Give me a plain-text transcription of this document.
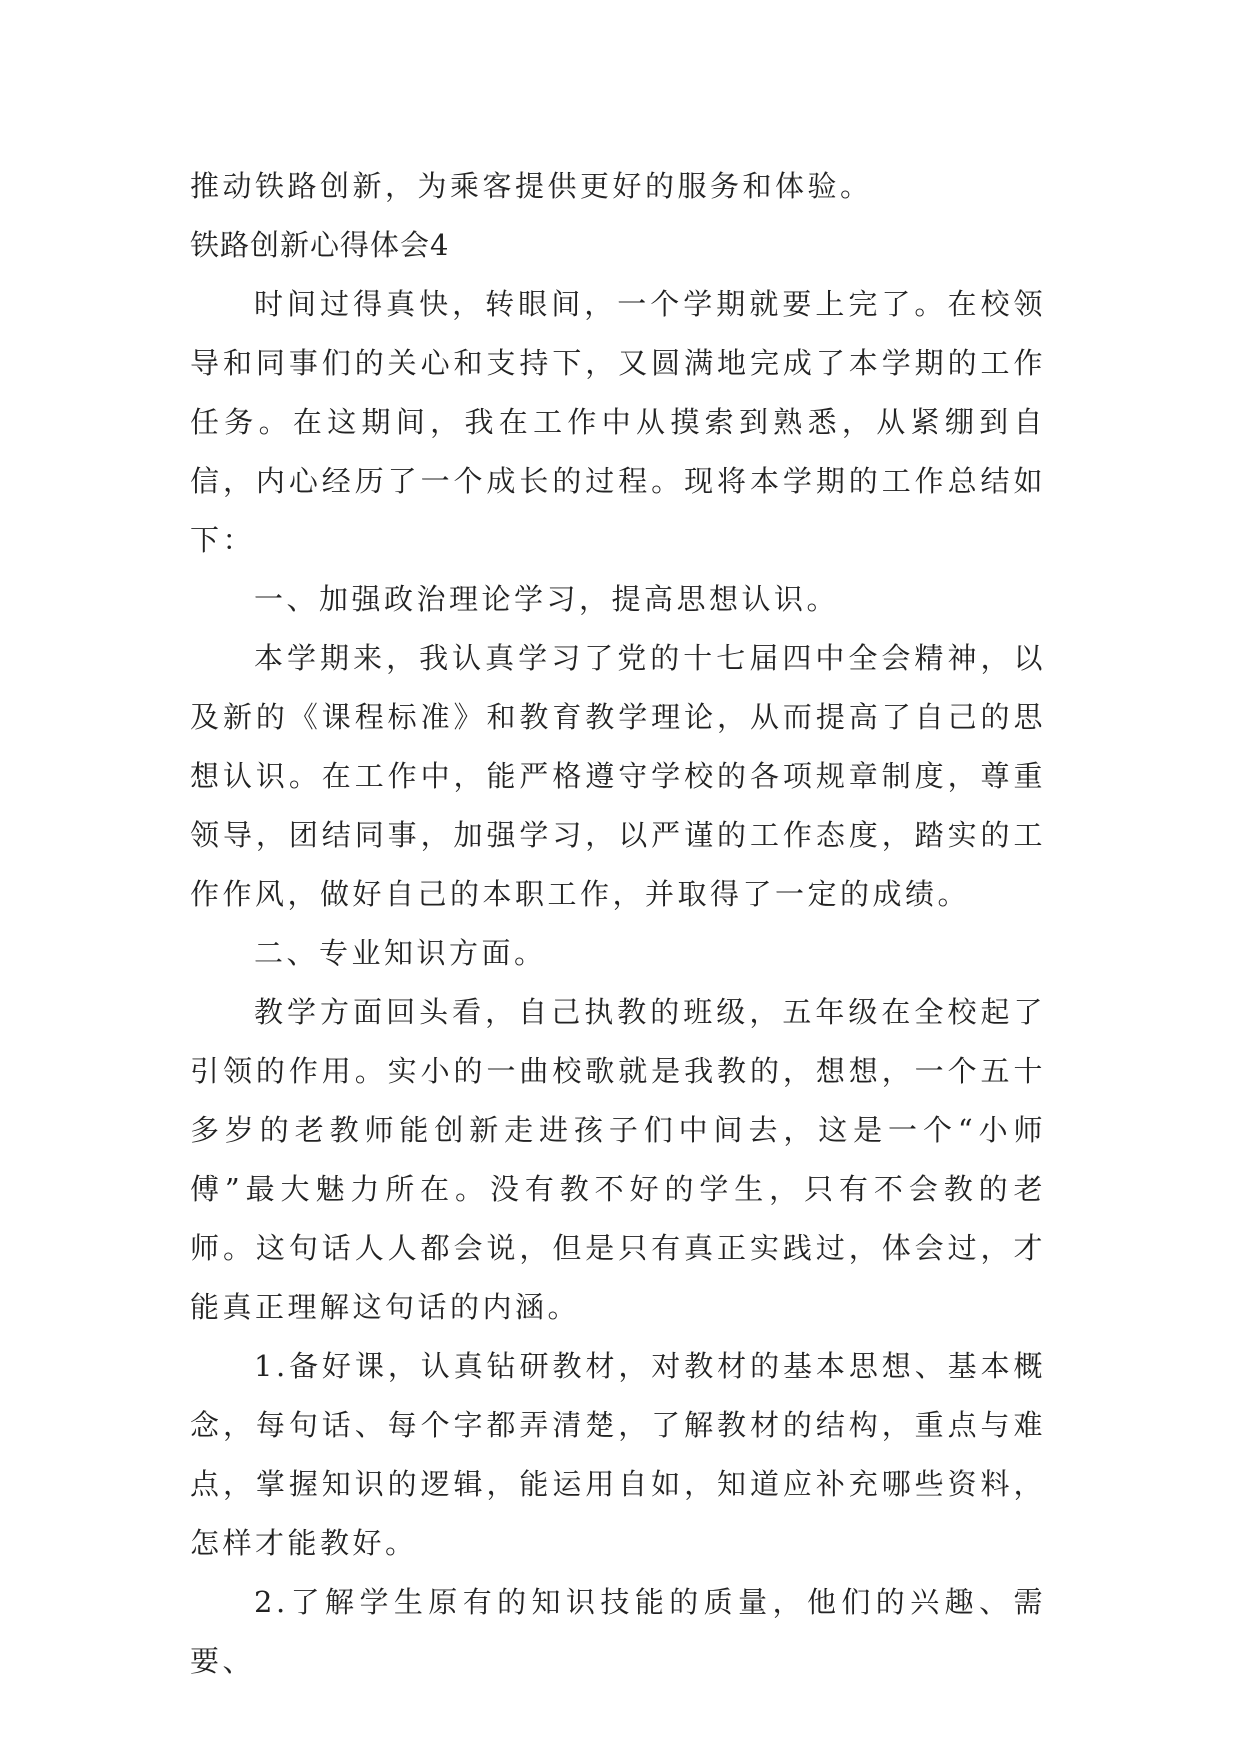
推动铁路创新，为乘客提供更好的服务和体验。

铁路创新心得体会4

时间过得真快，转眼间，一个学期就要上完了。在校领导和同事们的关心和支持下，又圆满地完成了本学期的工作任务。在这期间，我在工作中从摸索到熟悉，从紧绷到自信，内心经历了一个成长的过程。现将本学期的工作总结如下：

一、加强政治理论学习，提高思想认识。

本学期来，我认真学习了党的十七届四中全会精神，以及新的《课程标准》和教育教学理论，从而提高了自己的思想认识。在工作中，能严格遵守学校的各项规章制度，尊重领导，团结同事，加强学习，以严谨的工作态度，踏实的工作作风，做好自己的本职工作，并取得了一定的成绩。

二、专业知识方面。

教学方面回头看，自己执教的班级，五年级在全校起了引领的作用。实小的一曲校歌就是我教的，想想，一个五十多岁的老教师能创新走进孩子们中间去，这是一个“小师傅”最大魅力所在。没有教不好的学生，只有不会教的老师。这句话人人都会说，但是只有真正实践过，体会过，才能真正理解这句话的内涵。

1.备好课，认真钻研教材，对教材的基本思想、基本概念，每句话、每个字都弄清楚，了解教材的结构，重点与难点，掌握知识的逻辑，能运用自如，知道应补充哪些资料，怎样才能教好。

2.了解学生原有的知识技能的质量，他们的兴趣、需要、
